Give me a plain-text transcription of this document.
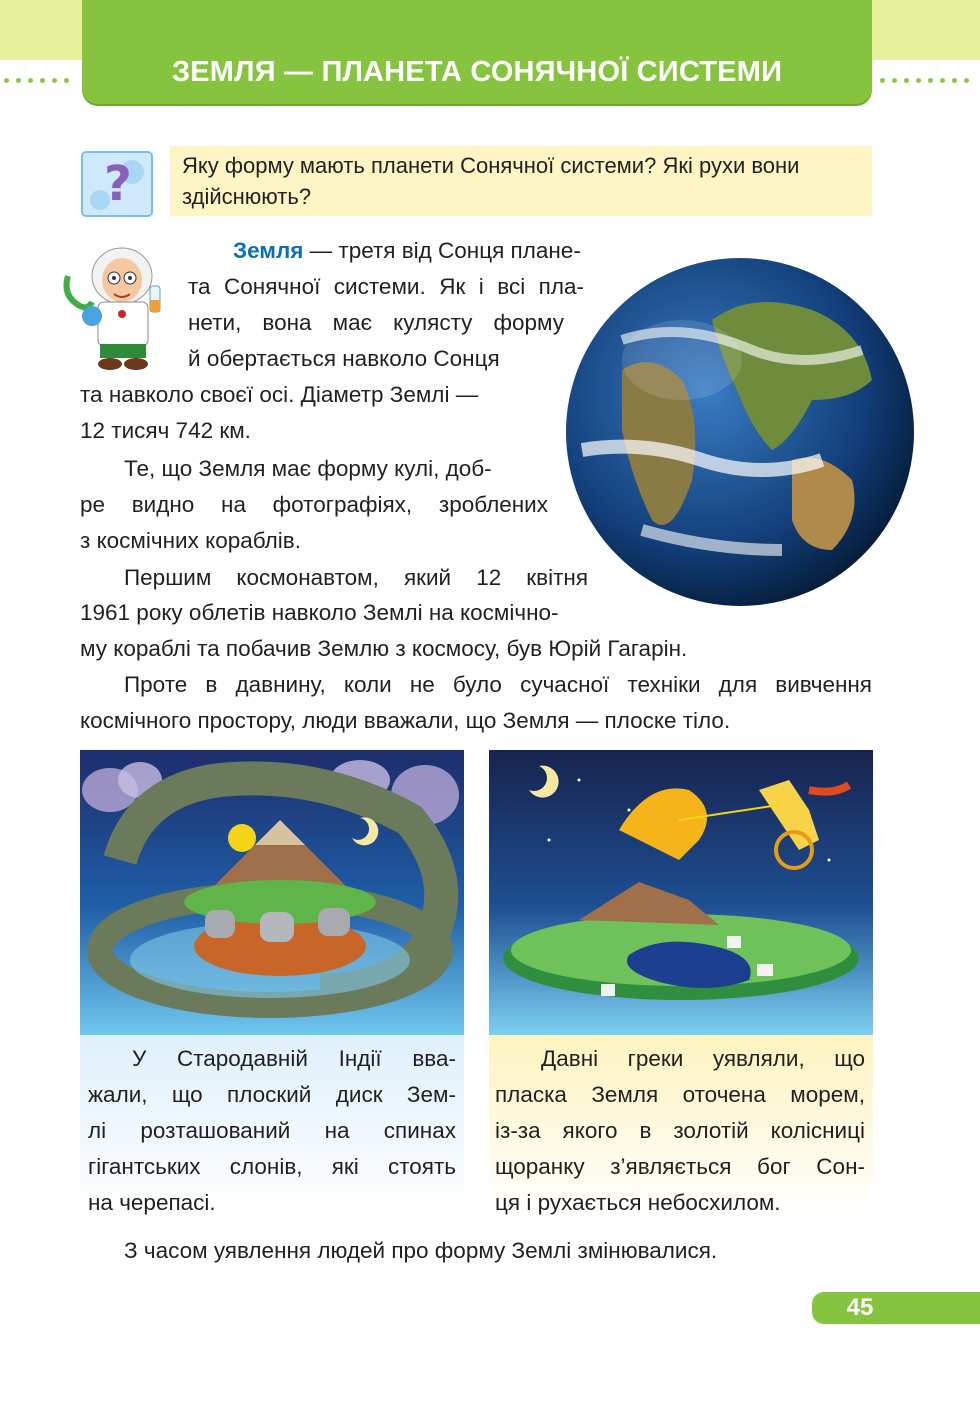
ЗЕМЛЯ — ПЛАНЕТА СОНЯЧНОЇ СИСТЕМИ
? Яку форму мають планети Сонячної системи? Які рухи вони здійснюють?
Земля — третя від Сонця плане-
та Сонячної системи. Як і всі пла-
нети, вона має кулясту форму
й обертається навколо Сонця
та навколо своєї осі. Діаметр Землі —
12 тисяч 742 км.
Те, що Земля має форму кулі, доб-
ре видно на фотографіях, зроблених
з космічних кораблів.
Першим космонавтом, який 12 квітня
1961 року облетів навколо Землі на космічно-
му кораблі та побачив Землю з космосу, був Юрій Гагарін.
Проте в давнину, коли не було сучасної техніки для вивчення
космічного простору, люди вважали, що Земля — плоске тіло.
У Стародавній Індії вва-
жали, що плоский диск Зем-
лі розташований на спинах
гігантських слонів, які стоять
на черепасі.
Давні греки уявляли, що
пласка Земля оточена морем,
із-за якого в золотій колісниці
щоранку з’являється бог Сон-
ця і рухається небосхилом.
З часом уявлення людей про форму Землі змінювалися.
45
